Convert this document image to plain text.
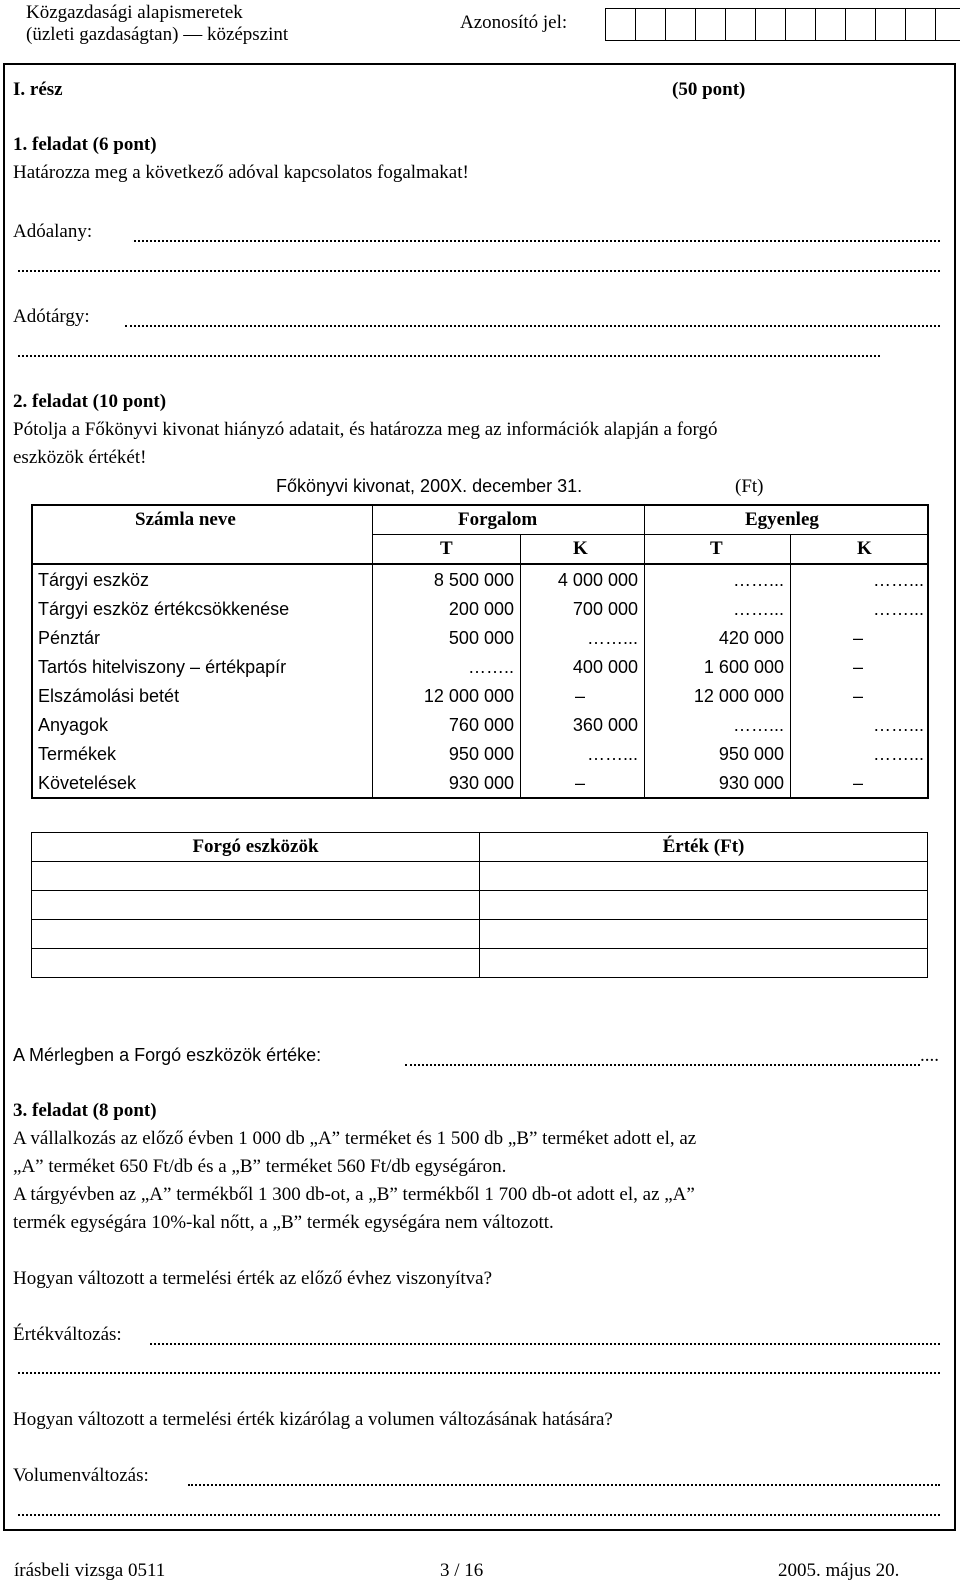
Közgazdasági alapismeretek
(üzleti gazdaságtan) — középszint
Azonosító jel:
I. rész	(50 pont)
1. feladat (6 pont)
Határozza meg a következő adóval kapcsolatos fogalmakat!
Adóalany:
Adótárgy:
2. feladat (10 pont)
Pótolja a Főkönyvi kivonat hiányzó adatait, és határozza meg az információk alapján a forgó
eszközök értékét!
Főkönyvi kivonat, 200X. december 31.	(Ft)
Számla neve	Forgalom	Egyenleg
T	K	T	K
Tárgyi eszköz	8 500 000	4 000 000	……...	……...
Tárgyi eszköz értékcsökkenése	200 000	700 000	……...	……...
Pénztár	500 000	……...	420 000	–
Tartós hitelviszony – értékpapír	……..	400 000	1 600 000	–
Elszámolási betét	12 000 000	–	12 000 000	–
Anyagok	760 000	360 000	……...	……...
Termékek	950 000	……...	950 000	……...
Követelések	930 000	–	930 000	–
Forgó eszközök	Érték (Ft)

A Mérlegben a Forgó eszközök értéke:	....
3. feladat (8 pont)
A vállalkozás az előző évben 1 000 db „A” terméket és 1 500 db „B” terméket adott el, az
„A” terméket 650 Ft/db és a „B” terméket 560 Ft/db egységáron.
A tárgyévben az „A” termékből 1 300 db-ot, a „B” termékből 1 700 db-ot adott el, az „A”
termék egységára 10%-kal nőtt, a „B” termék egységára nem változott.
Hogyan változott a termelési érték az előző évhez viszonyítva?
Értékváltozás:
Hogyan változott a termelési érték kizárólag a volumen változásának hatására?
Volumenváltozás:
írásbeli vizsga 0511	3 / 16	2005. május 20.
